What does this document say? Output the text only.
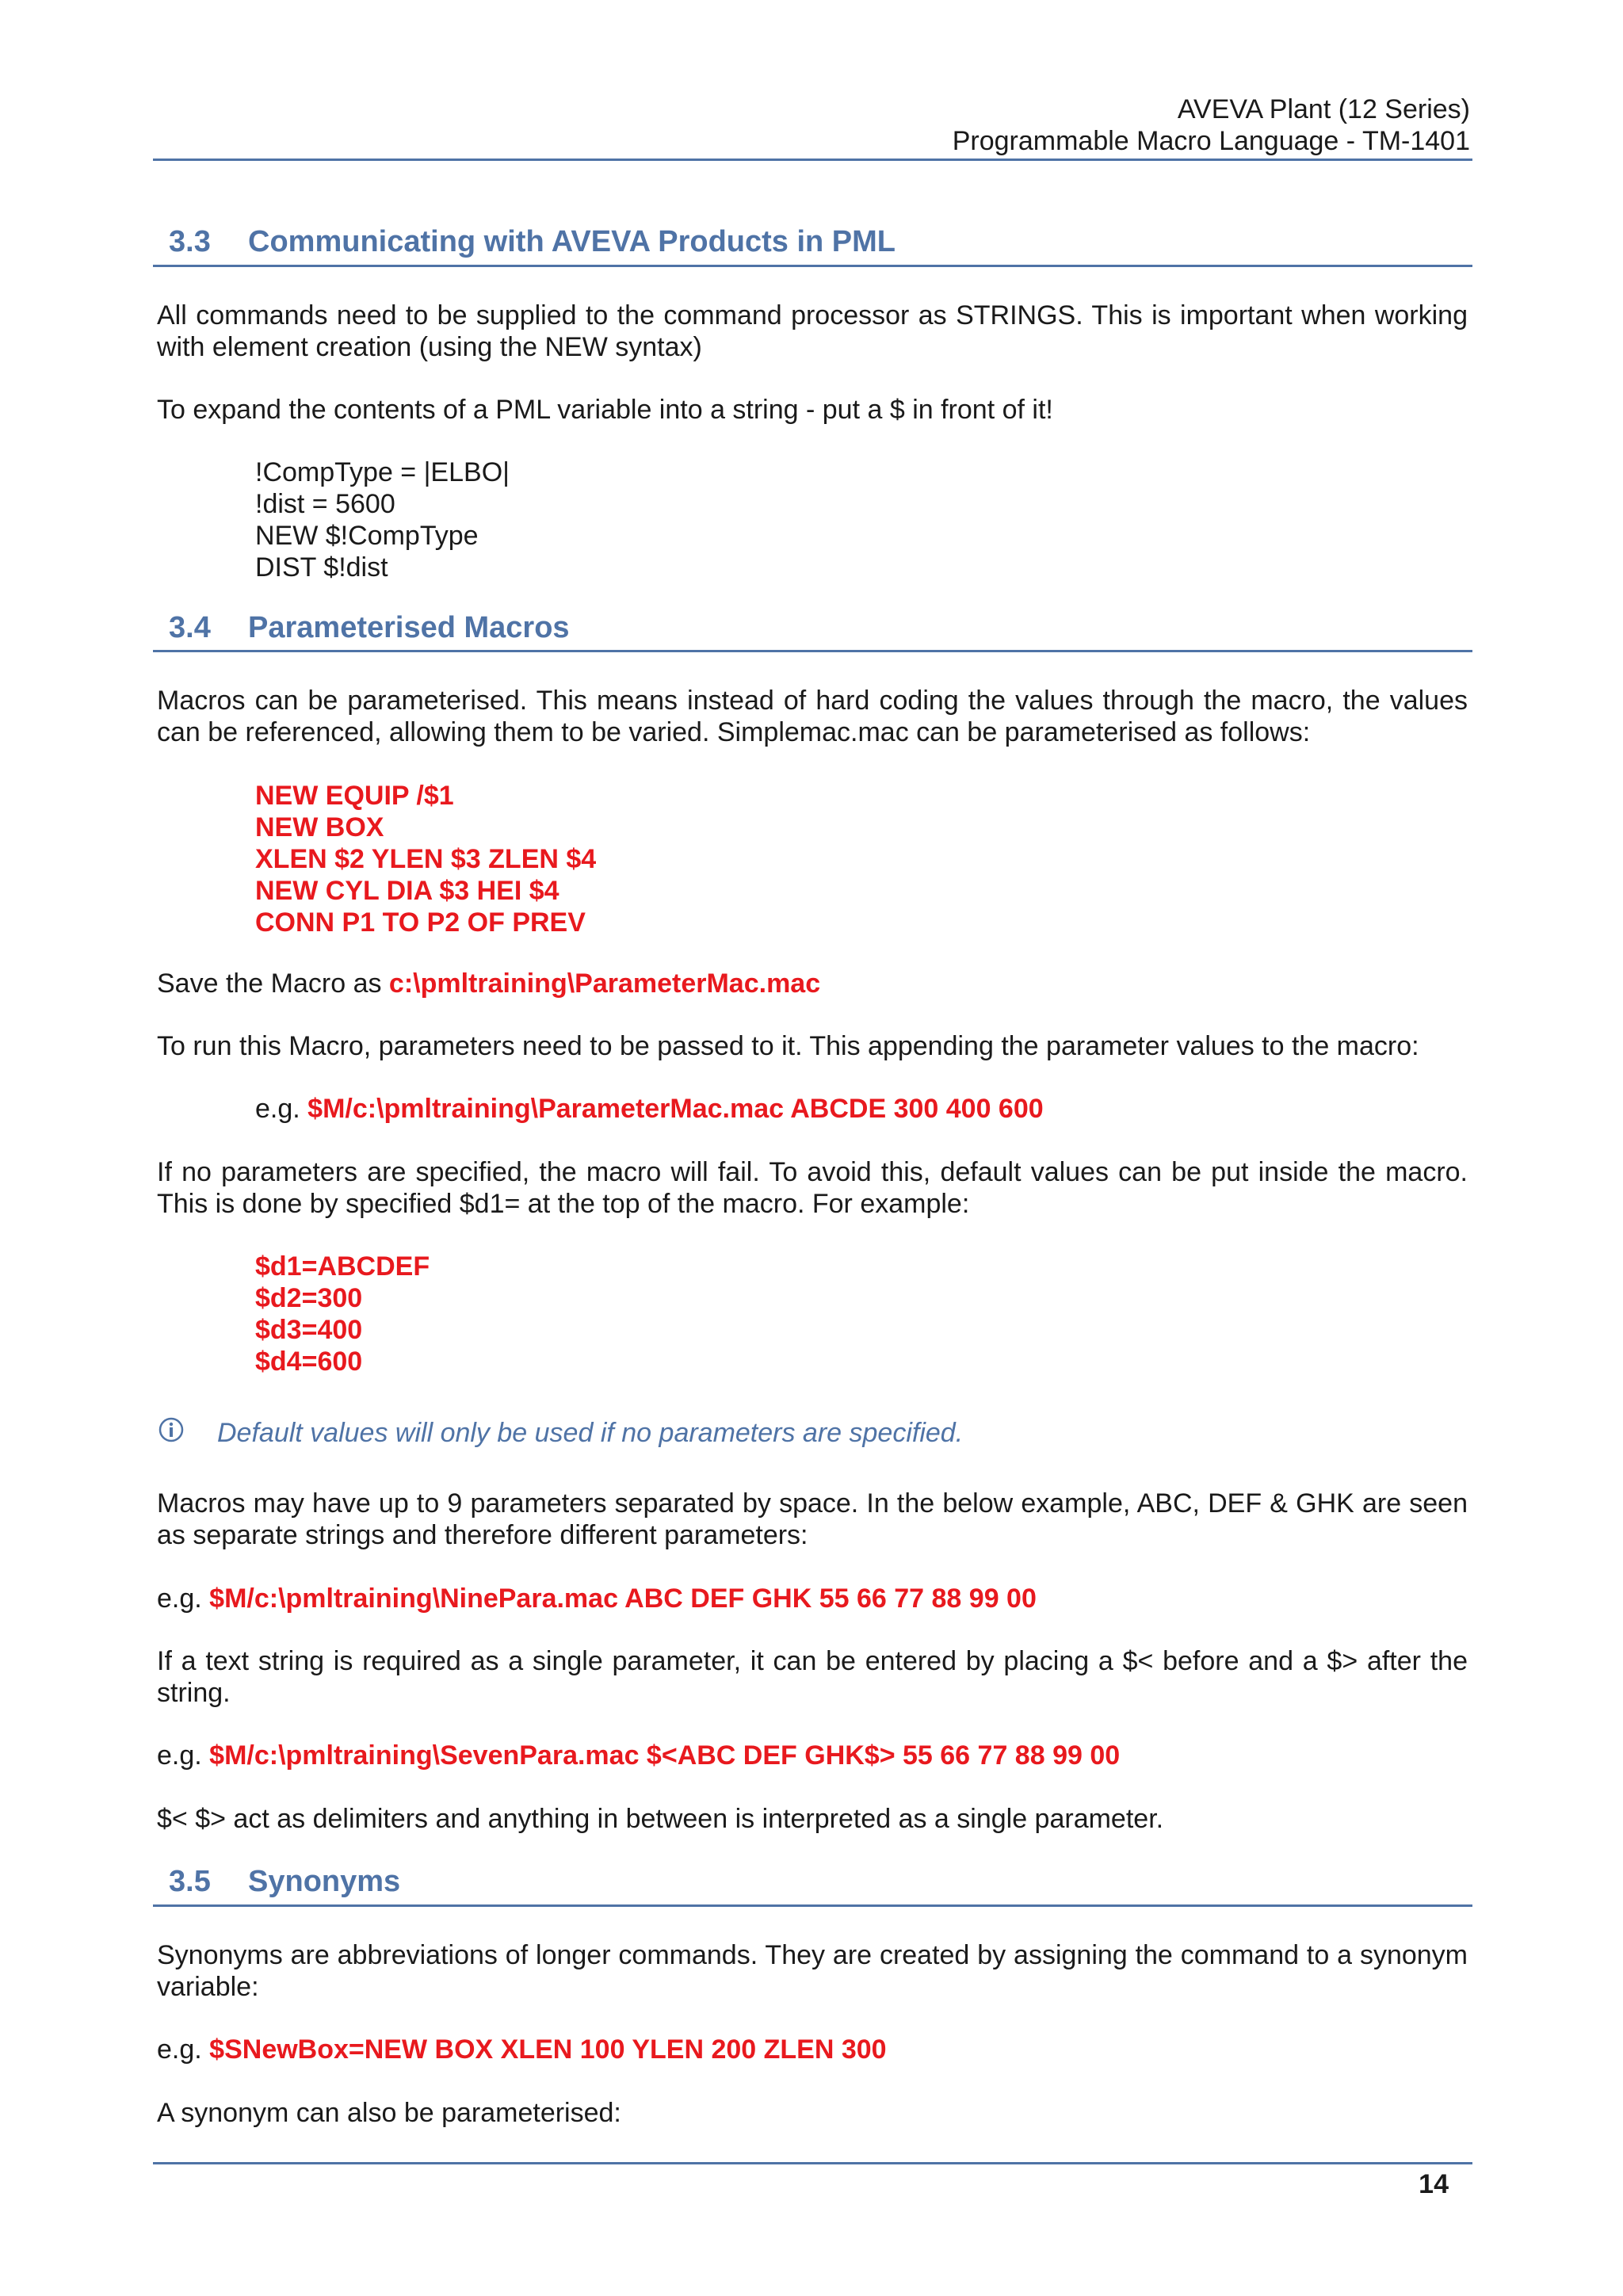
AVEVA Plant (12 Series)
Programmable Macro Language - TM-1401
3.3 Communicating with AVEVA Products in PML
All commands need to be supplied to the command processor as STRINGS. This is important when working with element creation (using the NEW syntax)
To expand the contents of a PML variable into a string - put a $ in front of it!
!CompType = |ELBO|
!dist = 5600
NEW $!CompType
DIST $!dist
3.4 Parameterised Macros
Macros can be parameterised. This means instead of hard coding the values through the macro, the values can be referenced, allowing them to be varied. Simplemac.mac can be parameterised as follows:
NEW EQUIP /$1
NEW BOX
XLEN $2 YLEN $3 ZLEN $4
NEW CYL DIA $3 HEI $4
CONN P1 TO P2 OF PREV
Save the Macro as c:\pmltraining\ParameterMac.mac
To run this Macro, parameters need to be passed to it. This appending the parameter values to the macro:
e.g. $M/c:\pmltraining\ParameterMac.mac ABCDE 300 400 600
If no parameters are specified, the macro will fail. To avoid this, default values can be put inside the macro. This is done by specified $d1= at the top of the macro. For example:
$d1=ABCDEF
$d2=300
$d3=400
$d4=600
Default values will only be used if no parameters are specified.
Macros may have up to 9 parameters separated by space. In the below example, ABC, DEF & GHK are seen as separate strings and therefore different parameters:
e.g. $M/c:\pmltraining\NinePara.mac ABC DEF GHK 55 66 77 88 99 00
If a text string is required as a single parameter, it can be entered by placing a $< before and a $> after the string.
e.g. $M/c:\pmltraining\SevenPara.mac $<ABC DEF GHK$> 55 66 77 88 99 00
$< $> act as delimiters and anything in between is interpreted as a single parameter.
3.5 Synonyms
Synonyms are abbreviations of longer commands. They are created by assigning the command to a synonym variable:
e.g. $SNewBox=NEW BOX XLEN 100 YLEN 200 ZLEN 300
A synonym can also be parameterised:
14
